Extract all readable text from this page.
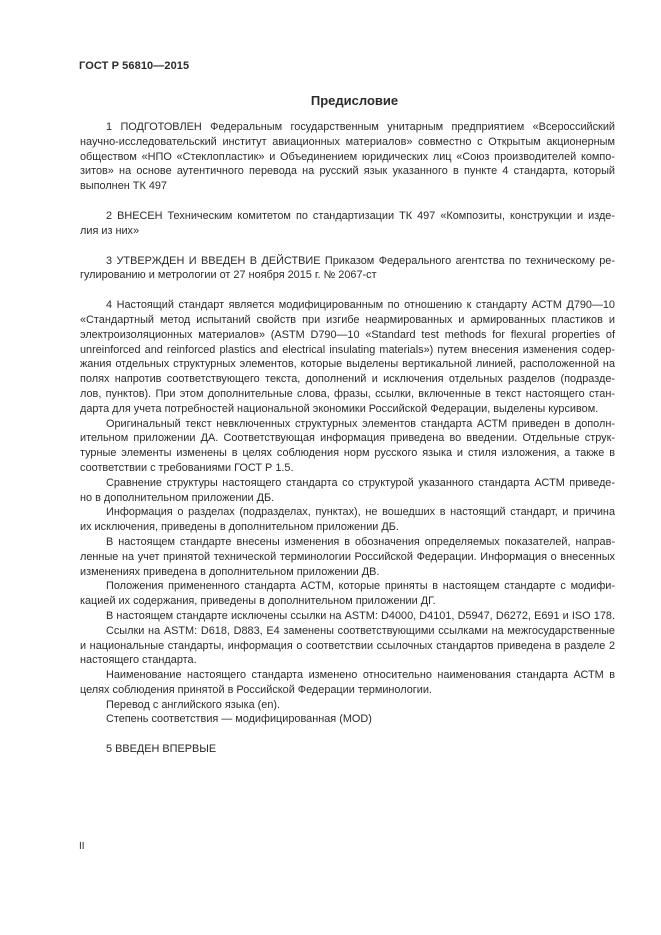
ГОСТ Р 56810—2015
Предисловие
1 ПОДГОТОВЛЕН Федеральным государственным унитарным предприятием «Всероссийский
научно-исследовательский институт авиационных материалов» совместно с Открытым акционерным
обществом «НПО «Стеклопластик» и Объединением юридических лиц «Союз производителей компо-
зитов» на основе аутентичного перевода на русский язык указанного в пункте 4 стандарта, который
выполнен ТК 497
2 ВНЕСЕН Техническим комитетом по стандартизации ТК 497 «Композиты, конструкции и изде-
лия из них»
3 УТВЕРЖДЕН И ВВЕДЕН В ДЕЙСТВИЕ Приказом Федерального агентства по техническому ре-
гулированию и метрологии от 27 ноября 2015 г. № 2067-ст
4 Настоящий стандарт является модифицированным по отношению к стандарту АСТМ Д790—10
«Стандартный метод испытаний свойств при изгибе неармированных и армированных пластиков и
электроизоляционных материалов» (ASTM D790—10 «Standard test methods for flexural properties of
unreinforced and reinforced plastics and electrical insulating materials») путем внесения изменения содер-
жания отдельных структурных элементов, которые выделены вертикальной линией, расположенной на
полях напротив соответствующего текста, дополнений и исключения отдельных разделов (подразде-
лов, пунктов). При этом дополнительные слова, фразы, ссылки, включенные в текст настоящего стан-
дарта для учета потребностей национальной экономики Российской Федерации, выделены курсивом.
Оригинальный текст невключенных структурных элементов стандарта АСТМ приведен в дополн-
ительном приложении ДА. Соответствующая информация приведена во введении. Отдельные струк-
турные элементы изменены в целях соблюдения норм русского языка и стиля изложения, а также в
соответствии с требованиями ГОСТ Р 1.5.
Сравнение структуры настоящего стандарта со структурой указанного стандарта АСТМ приведе-
но в дополнительном приложении ДБ.
Информация о разделах (подразделах, пунктах), не вошедших в настоящий стандарт, и причина
их исключения, приведены в дополнительном приложении ДБ.
В настоящем стандарте внесены изменения в обозначения определяемых показателей, направ-
ленные на учет принятой технической терминологии Российской Федерации. Информация о внесенных
изменениях приведена в дополнительном приложении ДВ.
Положения примененного стандарта АСТМ, которые приняты в настоящем стандарте с модифи-
кацией их содержания, приведены в дополнительном приложении ДГ.
В настоящем стандарте исключены ссылки на ASTM: D4000, D4101, D5947, D6272, E691 и ISO 178.
Ссылки на ASTM: D618, D883, E4 заменены соответствующими ссылками на межгосударственные
и национальные стандарты, информация о соответствии ссылочных стандартов приведена в разделе 2
настоящего стандарта.
Наименование настоящего стандарта изменено относительно наименования стандарта АСТМ в
целях соблюдения принятой в Российской Федерации терминологии.
Перевод с английского языка (en).
Степень соответствия — модифицированная (MOD)
5 ВВЕДЕН ВПЕРВЫЕ
II
